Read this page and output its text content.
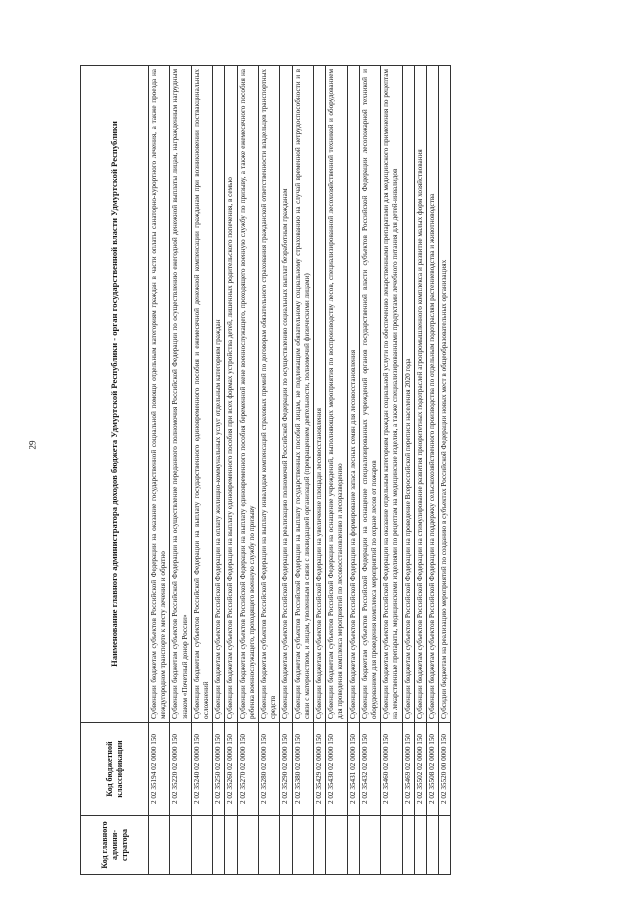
29
Код главного админи-стратора	Код бюджетной классификации	Наименование главного администратора доходов бюджета Удмуртской Республики - орган государственной власти Удмуртской Республики
	2 02 35194 02 0000 150	Субвенции бюджетам субъектов Российской Федерации на оказание государственной социальной помощи отдельным категориям граждан в части оплаты санаторно-курортного лечения, а также проезда на междугородном транспорте к месту лечения и обратно
	2 02 35220 02 0000 150	Субвенции бюджетам субъектов Российской Федерации на осуществление переданного полномочия Российской Федерации по осуществлению ежегодной денежной выплаты лицам, награжденным нагрудным знаком «Почетный донор России»
	2 02 35240 02 0000 150	Субвенции бюджетам субъектов Российской Федерации на выплату государственного единовременного пособия и ежемесячной денежной компенсации гражданам при возникновении поствакцинальных осложнений
	2 02 35250 02 0000 150	Субвенции бюджетам субъектов Российской Федерации на оплату жилищно-коммунальных услуг отдельным категориям граждан
	2 02 35260 02 0000 150	Субвенции бюджетам субъектов Российской Федерации на выплату единовременного пособия при всех формах устройства детей, лишенных родительского попечения, в семью
	2 02 35270 02 0000 150	Субвенции бюджетам субъектов Российской Федерации на выплату единовременного пособия беременной жене военнослужащего, проходящего военную службу по призыву, а также ежемесячного пособия на ребенка военнослужащего, проходящего военную службу по призыву
	2 02 35280 02 0000 150	Субвенции бюджетам субъектов Российской Федерации на выплату инвалидам компенсаций страховых премий по договорам обязательного страхования гражданской ответственности владельцев транспортных средств
	2 02 35290 02 0000 150	Субвенции бюджетам субъектов Российской Федерации на реализацию полномочий Российской Федерации по осуществлению социальных выплат безработным гражданам
	2 02 35380 02 0000 150	Субвенции бюджетам субъектов Российской Федерации на выплату государственных пособий лицам, не подлежащим обязательному социальному страхованию на случай временной нетрудоспособности и в связи с материнством, и лицам, уволенным в связи с ликвидацией организаций (прекращением деятельности, полномочий физическими лицами)
	2 02 35429 02 0000 150	Субвенции бюджетам субъектов Российской Федерации на увеличение площади лесовосстановления
	2 02 35430 02 0000 150	Субвенции бюджетам субъектов Российской Федерации на оснащение учреждений, выполняющих мероприятия по воспроизводству лесов, специализированной лесохозяйственной техникой и оборудованием для проведения комплекса мероприятий по лесовосстановлению и лесоразведению
	2 02 35431 02 0000 150	Субвенции бюджетам субъектов Российской Федерации на формирование запаса лесных семян для лесовосстановления
	2 02 35432 02 0000 150	Субвенции бюджетам субъектов Российской Федерации на оснащение специализированных учреждений органов государственной власти субъектов Российской Федерации лесопожарной техникой и оборудованием для проведения комплекса мероприятий по охране лесов от пожаров
	2 02 35460 02 0000 150	Субвенции бюджетам субъектов Российской Федерации на оказание отдельным категориям граждан социальной услуги по обеспечению лекарственными препаратами для медицинского применения по рецептам на лекарственные препараты, медицинскими изделиями по рецептам на медицинские изделия, а также специализированными продуктами лечебного питания для детей-инвалидов
	2 02 35469 02 0000 150	Субвенции бюджетам субъектов Российской Федерации на проведение Всероссийской переписи населения 2020 года
	2 02 35502 02 0000 150	Субвенции бюджетам субъектов Российской Федерации на стимулирование развития приоритетных подотраслей агропромышленного комплекса и развитие малых форм хозяйствования
	2 02 35508 02 0000 150	Субвенции бюджетам субъектов Российской Федерации на поддержку сельскохозяйственного производства по отдельным подотраслям растениеводства и животноводства
	2 02 35520 00 0000 150	Субсидии бюджетам на реализацию мероприятий по созданию в субъектах Российской Федерации новых мест в общеобразовательных организациях
